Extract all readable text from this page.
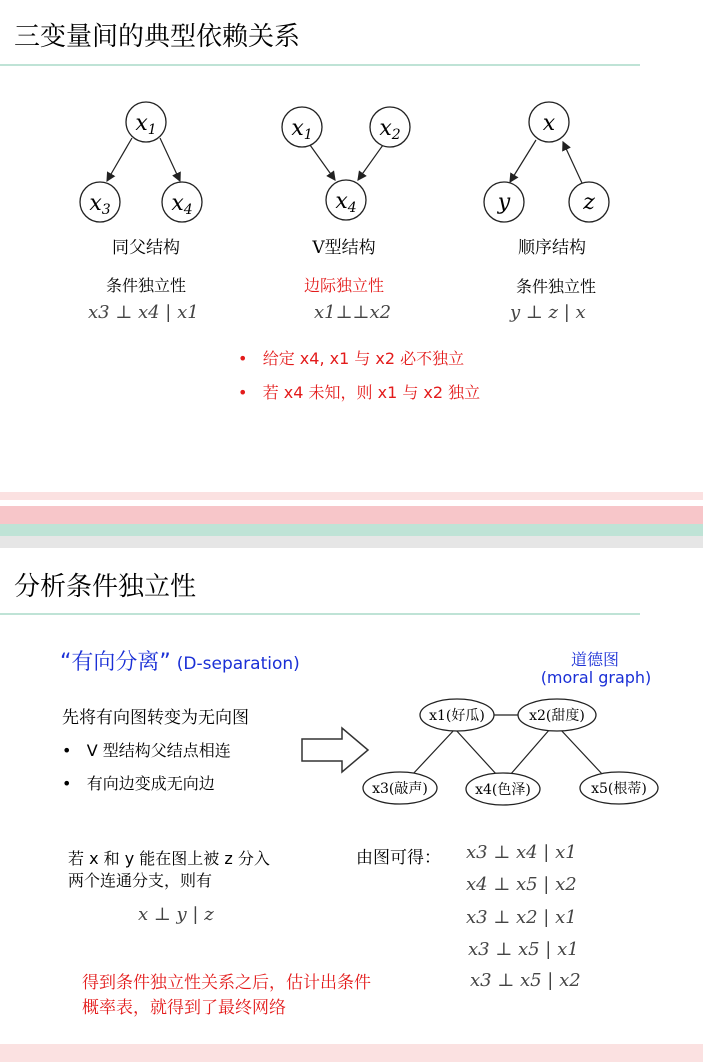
三变量间的典型依赖关系
x1
x3	x4
x1	x2
x4
x
y	z
同父结构	V型结构	顺序结构
条件独立性	边际独立性	条件独立性
x3 ⊥ x4 | x1	x1⊥⊥x2	y ⊥ z | x
•   给定 x4, x1 与 x2 必不独立
•   若 x4 未知，则 x1 与 x2 独立
分析条件独立性
“有向分离” (D-separation)	道德图
(moral graph)
先将有向图转变为无向图
•   V 型结构父结点相连
•   有向边变成无向边
x1(好瓜)	x2(甜度)
x3(敲声)	x4(色泽)	x5(根蒂)
若 x 和 y 能在图上被 z 分入
两个连通分支，则有
x ⊥ y | z
由图可得： x3 ⊥ x4 | x1
x4 ⊥ x5 | x2
x3 ⊥ x2 | x1
x3 ⊥ x5 | x1
x3 ⊥ x5 | x2
得到条件独立性关系之后，估计出条件
概率表，就得到了最终网络
